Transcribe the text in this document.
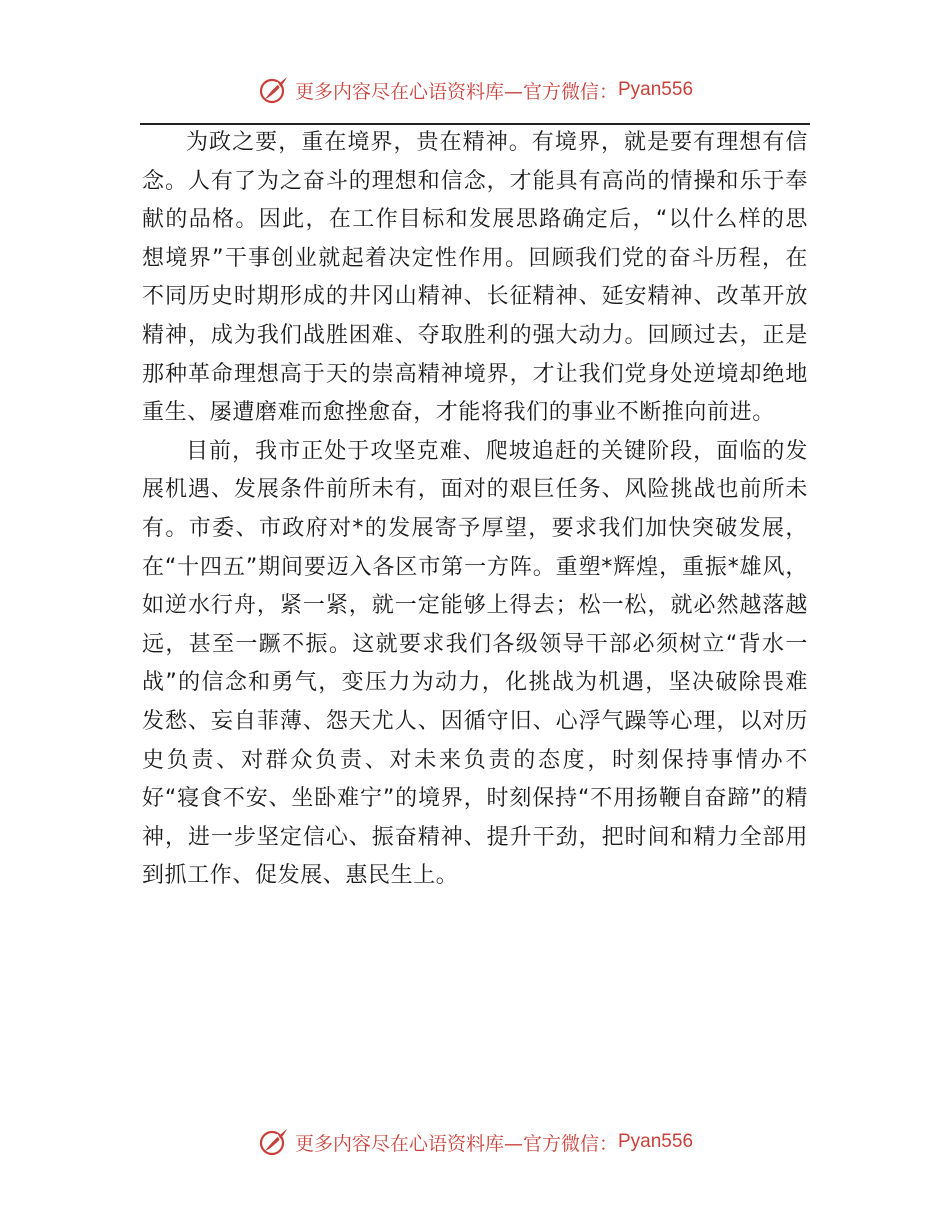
更多内容尽在心语资料库—官方微信： Pyan556

为政之要，重在境界，贵在精神。有境界，就是要有理想有信念。人有了为之奋斗的理想和信念，才能具有高尚的情操和乐于奉献的品格。因此，在工作目标和发展思路确定后，“以什么样的思想境界”干事创业就起着决定性作用。回顾我们党的奋斗历程，在不同历史时期形成的井冈山精神、长征精神、延安精神、改革开放精神，成为我们战胜困难、夺取胜利的强大动力。回顾过去，正是那种革命理想高于天的崇高精神境界，才让我们党身处逆境却绝地重生、屡遭磨难而愈挫愈奋，才能将我们的事业不断推向前进。

目前，我市正处于攻坚克难、爬坡追赶的关键阶段，面临的发展机遇、发展条件前所未有，面对的艰巨任务、风险挑战也前所未有。市委、市政府对*的发展寄予厚望，要求我们加快突破发展，在“十四五”期间要迈入各区市第一方阵。重塑*辉煌，重振*雄风，如逆水行舟，紧一紧，就一定能够上得去；松一松，就必然越落越远，甚至一蹶不振。这就要求我们各级领导干部必须树立“背水一战”的信念和勇气，变压力为动力，化挑战为机遇，坚决破除畏难发愁、妄自菲薄、怨天尤人、因循守旧、心浮气躁等心理，以对历史负责、对群众负责、对未来负责的态度，时刻保持事情办不好“寝食不安、坐卧难宁”的境界，时刻保持“不用扬鞭自奋蹄”的精神，进一步坚定信心、振奋精神、提升干劲，把时间和精力全部用到抓工作、促发展、惠民生上。

更多内容尽在心语资料库—官方微信： Pyan556
